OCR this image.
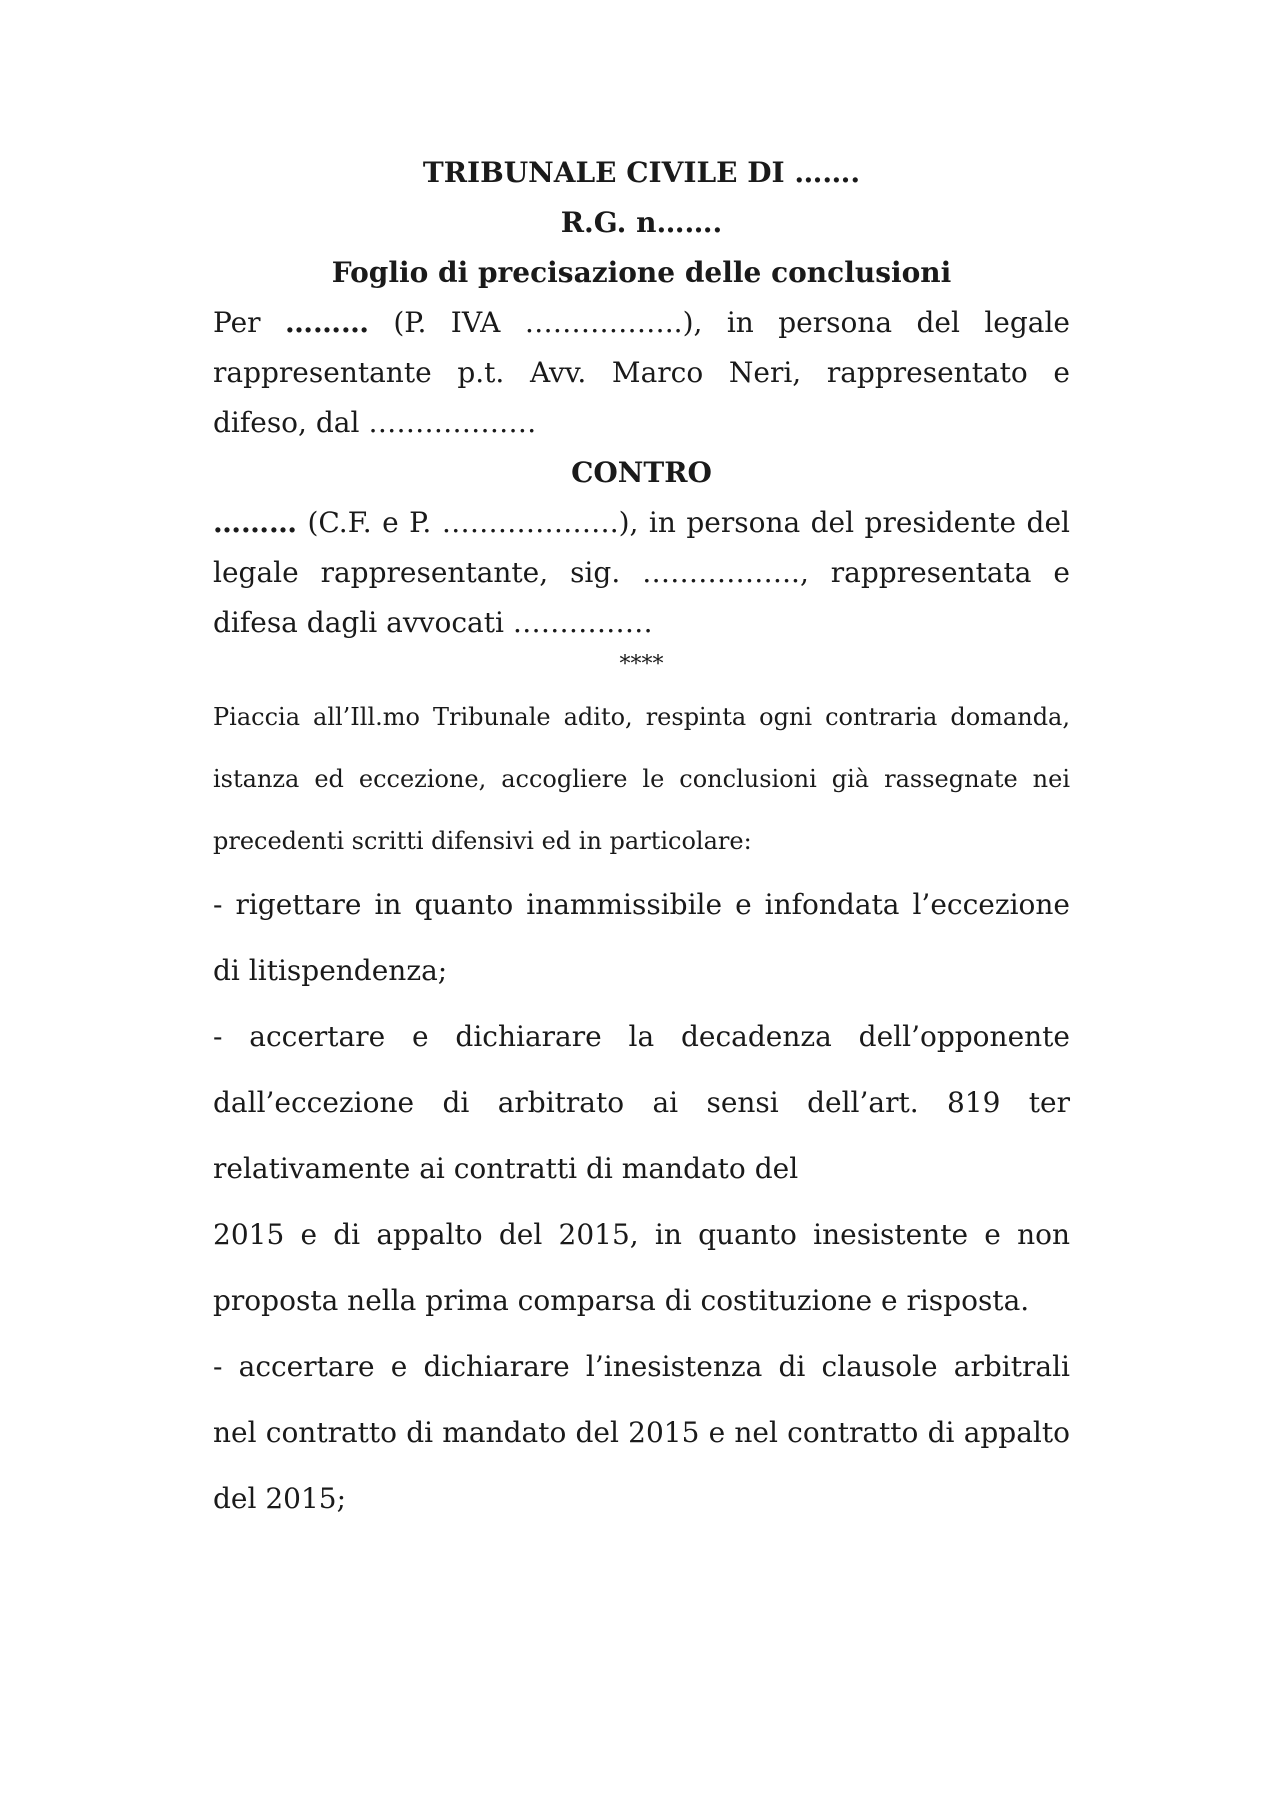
TRIBUNALE CIVILE DI …….
R.G. n…….
Foglio di precisazione delle conclusioni

Per ……… (P. IVA ……………..), in persona del legale rappresentante p.t. Avv. Marco Neri, rappresentato e difeso, dal ………………

CONTRO

……… (C.F. e P. ……………….), in persona del presidente del legale rappresentante, sig. …………….., rappresentata e difesa dagli avvocati ……………

****

Piaccia all’Ill.mo Tribunale adito, respinta ogni contraria domanda, istanza ed eccezione, accogliere le conclusioni già rassegnate nei precedenti scritti difensivi ed in particolare:

- rigettare in quanto inammissibile e infondata l’eccezione di litispendenza;

- accertare e dichiarare la decadenza dell’opponente dall’eccezione di arbitrato ai sensi dell’art. 819 ter relativamente ai contratti di mandato del

2015 e di appalto del 2015, in quanto inesistente e non proposta nella prima comparsa di costituzione e risposta.

- accertare e dichiarare l’inesistenza di clausole arbitrali nel contratto di mandato del 2015 e nel contratto di appalto del 2015;
